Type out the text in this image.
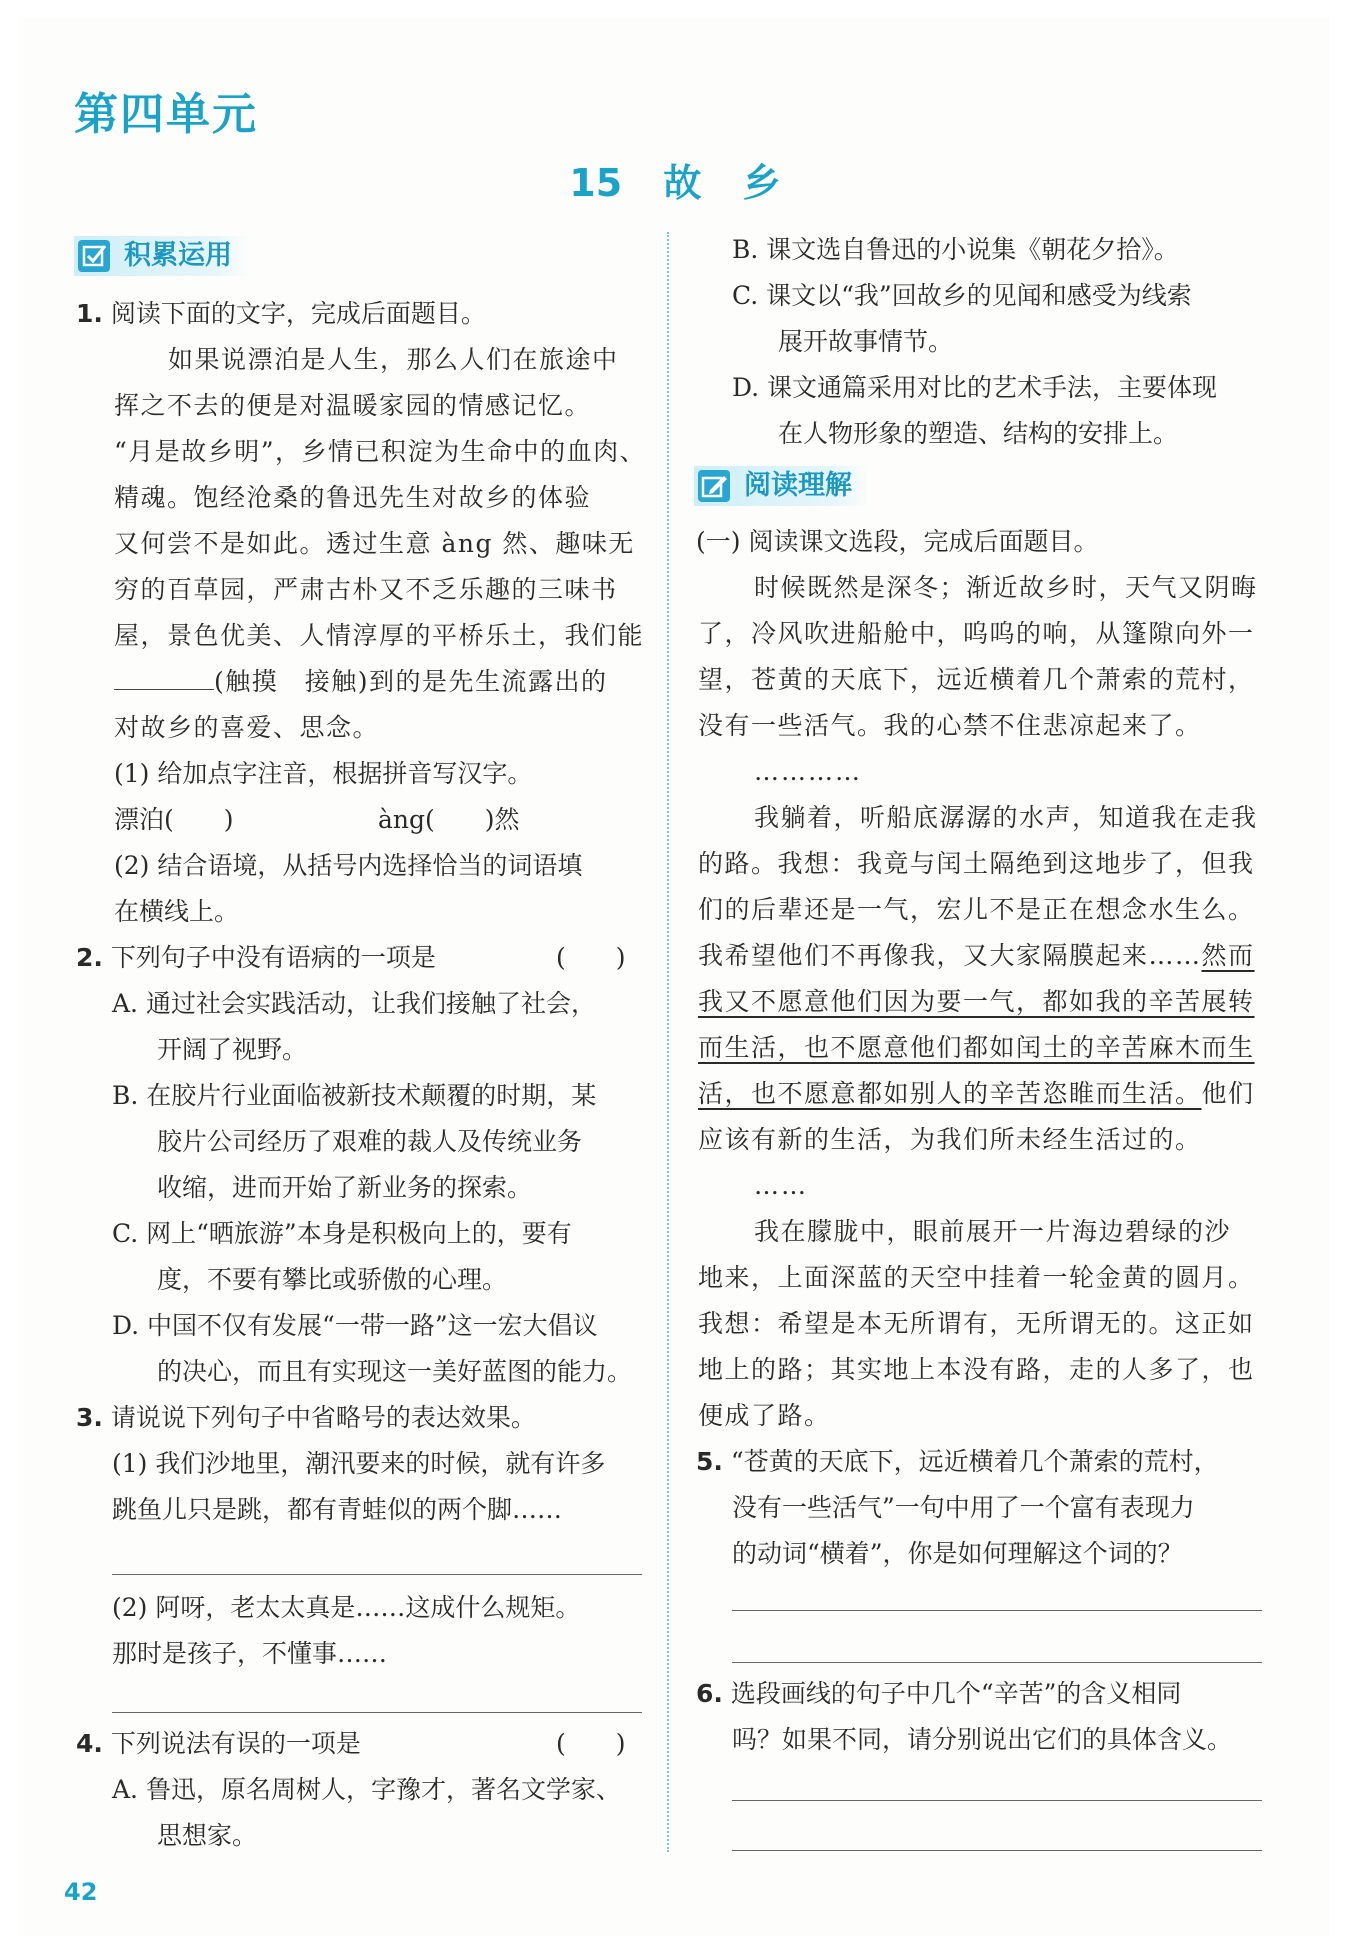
第四单元
15 故 乡
积累运用
1. 阅读下面的文字，完成后面题目。
如果说漂泊是人生，那么人们在旅途中
挥之不去的便是对温暖家园的情感记忆。
“月是故乡明”，乡情已积淀为生命中的血肉、
精魂。饱经沧桑的鲁迅先生对故乡的体验
又何尝不是如此。透过生意 àng 然、趣味无
穷的百草园，严肃古朴又不乏乐趣的三味书
屋，景色优美、人情淳厚的平桥乐土，我们能
(触摸　接触)到的是先生流露出的
对故乡的喜爱、思念。
(1) 给加点字注音，根据拼音写汉字。
漂泊(　　)	àng(　　)然
(2) 结合语境，从括号内选择恰当的词语填
在横线上。
2. 下列句子中没有语病的一项是	(　　)
A. 通过社会实践活动，让我们接触了社会，
开阔了视野。
B. 在胶片行业面临被新技术颠覆的时期，某
胶片公司经历了艰难的裁人及传统业务
收缩，进而开始了新业务的探索。
C. 网上“晒旅游”本身是积极向上的，要有
度，不要有攀比或骄傲的心理。
D. 中国不仅有发展“一带一路”这一宏大倡议
的决心，而且有实现这一美好蓝图的能力。
3. 请说说下列句子中省略号的表达效果。
(1) 我们沙地里，潮汛要来的时候，就有许多
跳鱼儿只是跳，都有青蛙似的两个脚……
(2) 阿呀，老太太真是……这成什么规矩。
那时是孩子，不懂事……
4. 下列说法有误的一项是	(　　)
A. 鲁迅，原名周树人，字豫才，著名文学家、
思想家。
B. 课文选自鲁迅的小说集《朝花夕拾》。
C. 课文以“我”回故乡的见闻和感受为线索
展开故事情节。
D. 课文通篇采用对比的艺术手法，主要体现
在人物形象的塑造、结构的安排上。
阅读理解
(一) 阅读课文选段，完成后面题目。
时候既然是深冬；渐近故乡时，天气又阴晦
了，冷风吹进船舱中，呜呜的响，从篷隙向外一
望，苍黄的天底下，远近横着几个萧索的荒村，
没有一些活气。我的心禁不住悲凉起来了。
…………
我躺着，听船底潺潺的水声，知道我在走我
的路。我想：我竟与闰土隔绝到这地步了，但我
们的后辈还是一气，宏儿不是正在想念水生么。
我希望他们不再像我，又大家隔膜起来……然而
我又不愿意他们因为要一气，都如我的辛苦展转
而生活，也不愿意他们都如闰土的辛苦麻木而生
活，也不愿意都如别人的辛苦恣睢而生活。他们
应该有新的生活，为我们所未经生活过的。
……
我在朦胧中，眼前展开一片海边碧绿的沙
地来，上面深蓝的天空中挂着一轮金黄的圆月。
我想：希望是本无所谓有，无所谓无的。这正如
地上的路；其实地上本没有路，走的人多了，也
便成了路。
5. “苍黄的天底下，远近横着几个萧索的荒村，
没有一些活气”一句中用了一个富有表现力
的动词“横着”，你是如何理解这个词的？
6. 选段画线的句子中几个“辛苦”的含义相同
吗？如果不同，请分别说出它们的具体含义。
42
